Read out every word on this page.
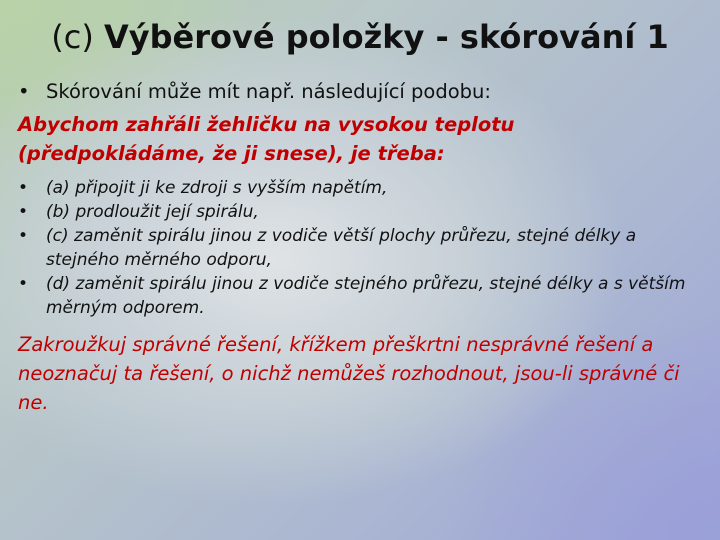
(c) Výběrové položky - skórování 1
• Skórování může mít např. následující podobu:

Abychom zahřáli žehličku na vysokou teplotu (předpokládáme, že ji snese), je třeba:

•	(a) připojit ji ke zdroji s vyšším napětím,
•	(b) prodloužit její spirálu,
•	(c) zaměnit spirálu jinou z vodiče větší plochy průřezu, stejné délky a stejného měrného odporu,
•	(d) zaměnit spirálu jinou z vodiče stejného průřezu, stejné délky a s větším měrným odporem.

Zakroužkuj správné řešení, křížkem přeškrtni nesprávné řešení a neoznačuj ta řešení, o nichž nemůžeš rozhodnout, jsou-li správné či ne.
